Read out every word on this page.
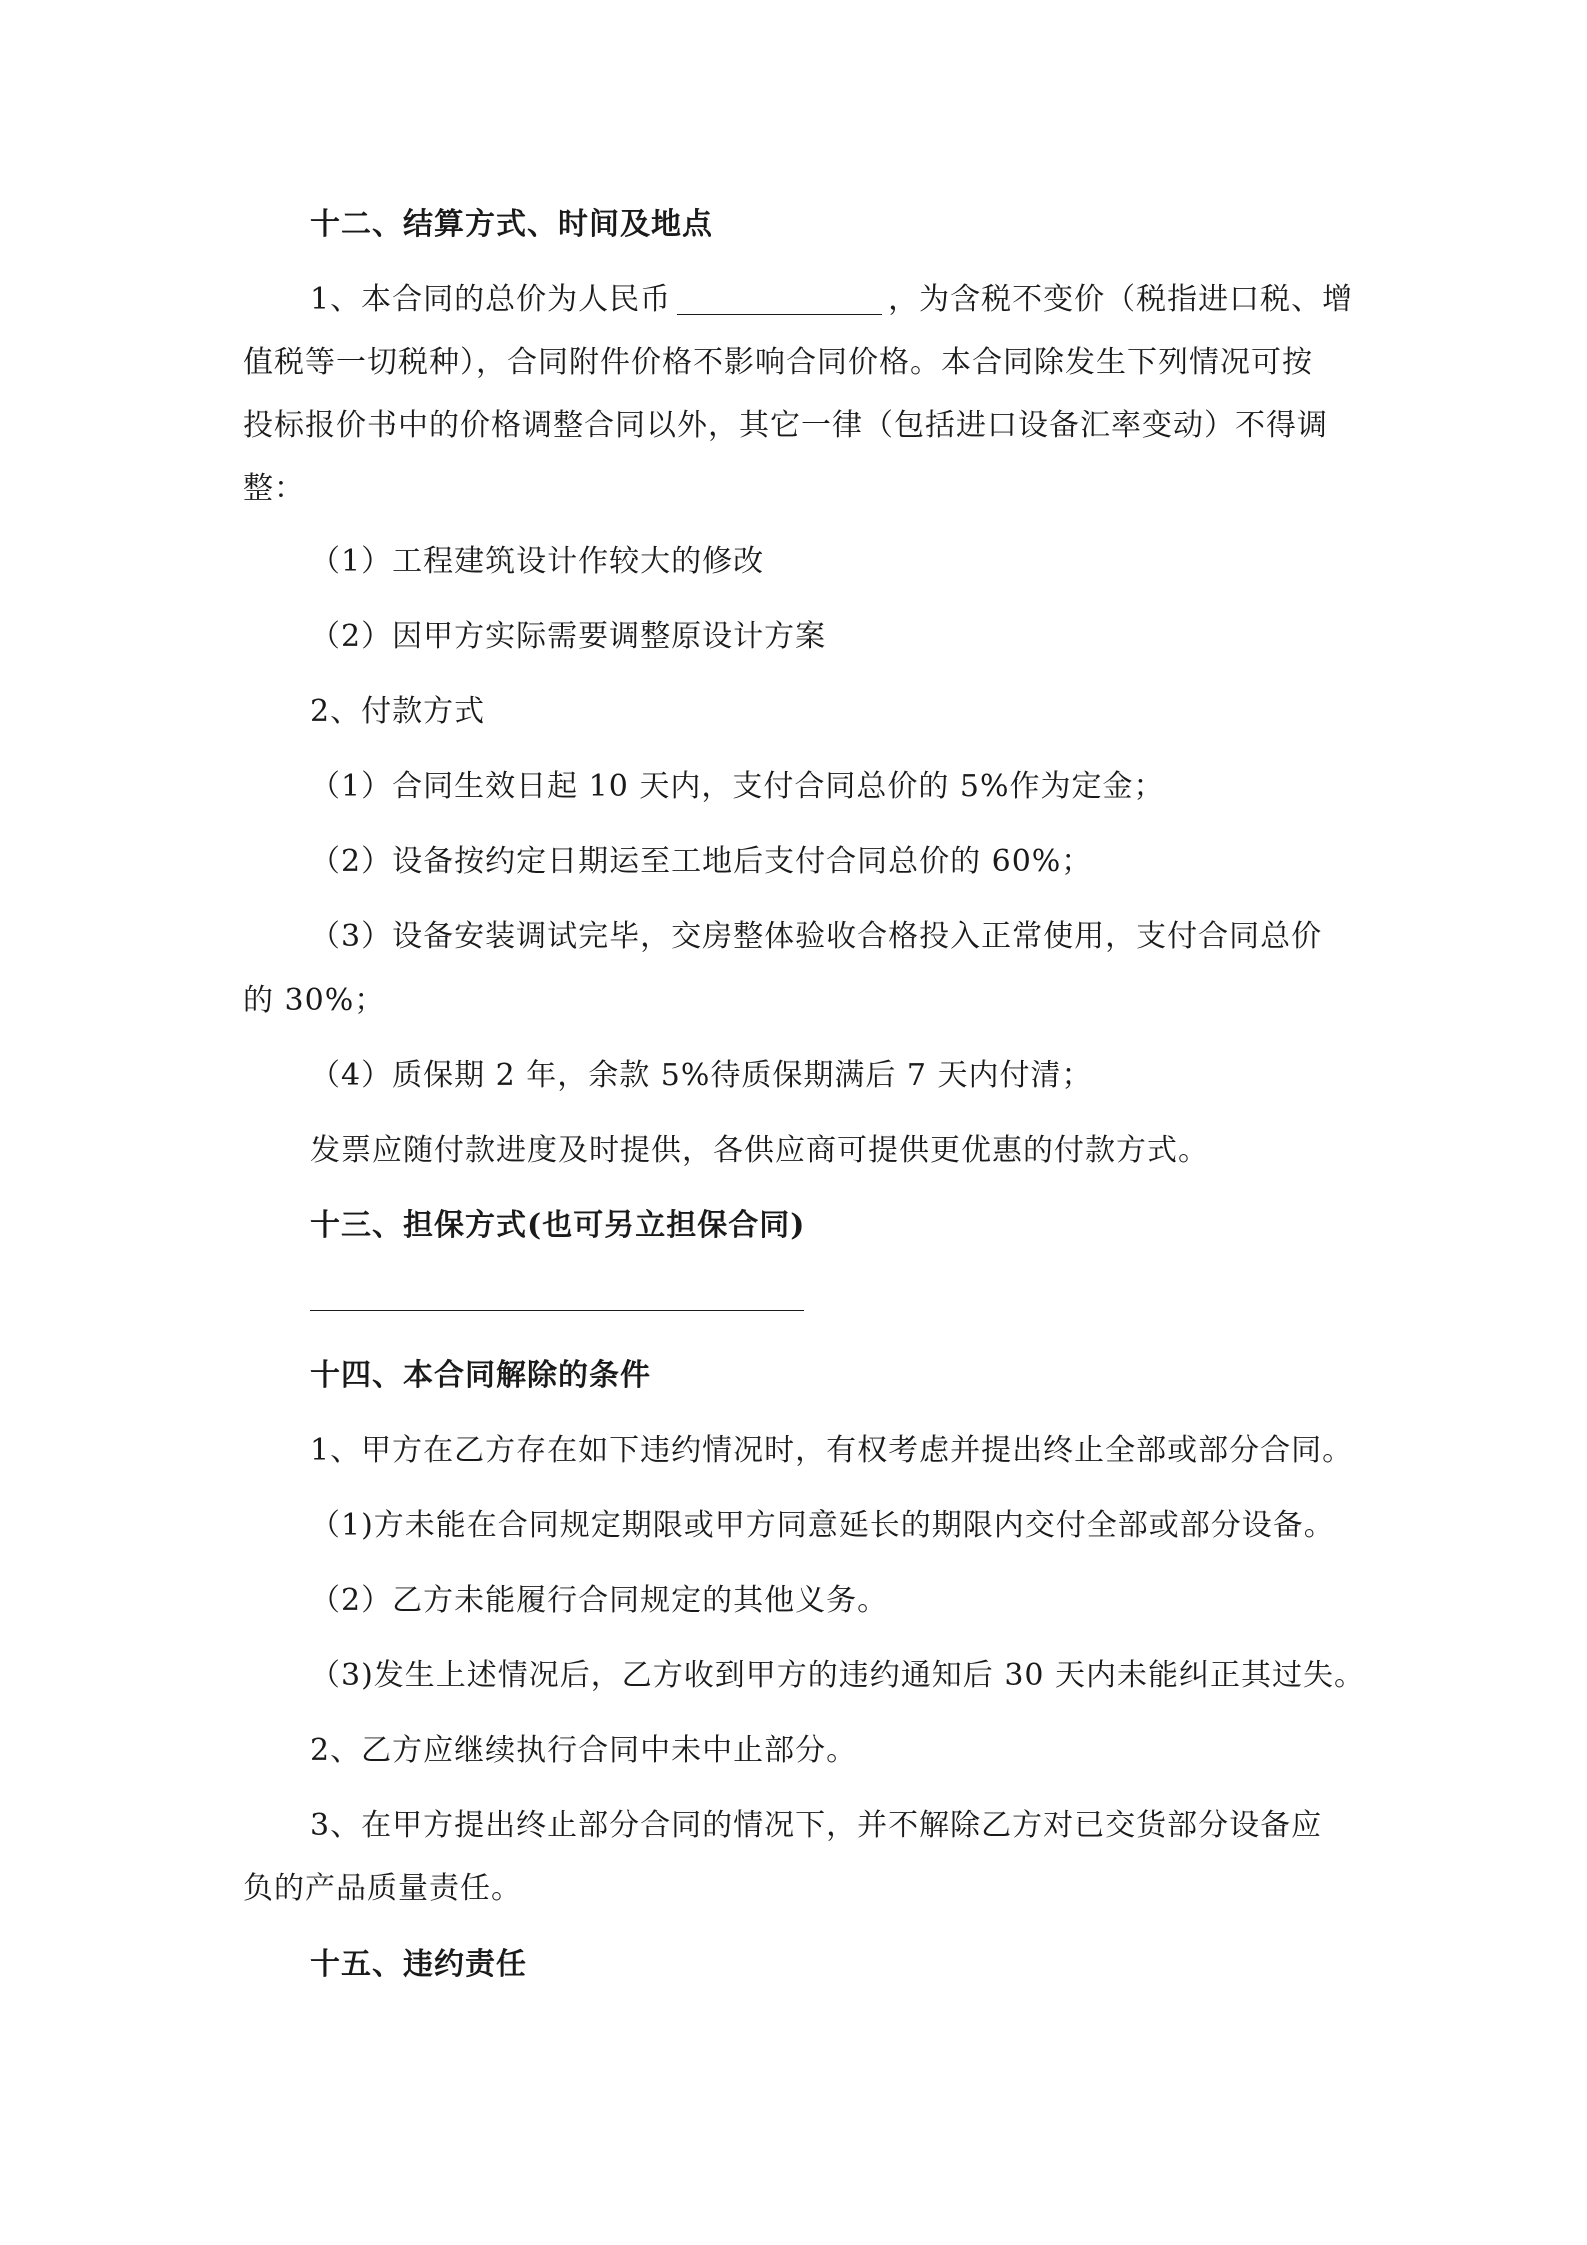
十二、结算方式、时间及地点
1、本合同的总价为人民币	，为含税不变价（税指进口税、增
值税等一切税种），合同附件价格不影响合同价格。本合同除发生下列情况可按
投标报价书中的价格调整合同以外，其它一律（包括进口设备汇率变动）不得调
整：
（1）工程建筑设计作较大的修改
（2）因甲方实际需要调整原设计方案
2、付款方式
（1）合同生效日起 10 天内，支付合同总价的 5%作为定金；
（2）设备按约定日期运至工地后支付合同总价的 60%；
（3）设备安装调试完毕，交房整体验收合格投入正常使用，支付合同总价
的 30%；
（4）质保期 2 年，余款 5%待质保期满后 7 天内付清；
发票应随付款进度及时提供，各供应商可提供更优惠的付款方式。
十三、担保方式(也可另立担保合同)
十四、本合同解除的条件
1、甲方在乙方存在如下违约情况时，有权考虑并提出终止全部或部分合同。
（1)方未能在合同规定期限或甲方同意延长的期限内交付全部或部分设备。
（2）乙方未能履行合同规定的其他义务。
（3)发生上述情况后，乙方收到甲方的违约通知后 30 天内未能纠正其过失。
2、乙方应继续执行合同中未中止部分。
3、在甲方提出终止部分合同的情况下，并不解除乙方对已交货部分设备应
负的产品质量责任。
十五、违约责任
